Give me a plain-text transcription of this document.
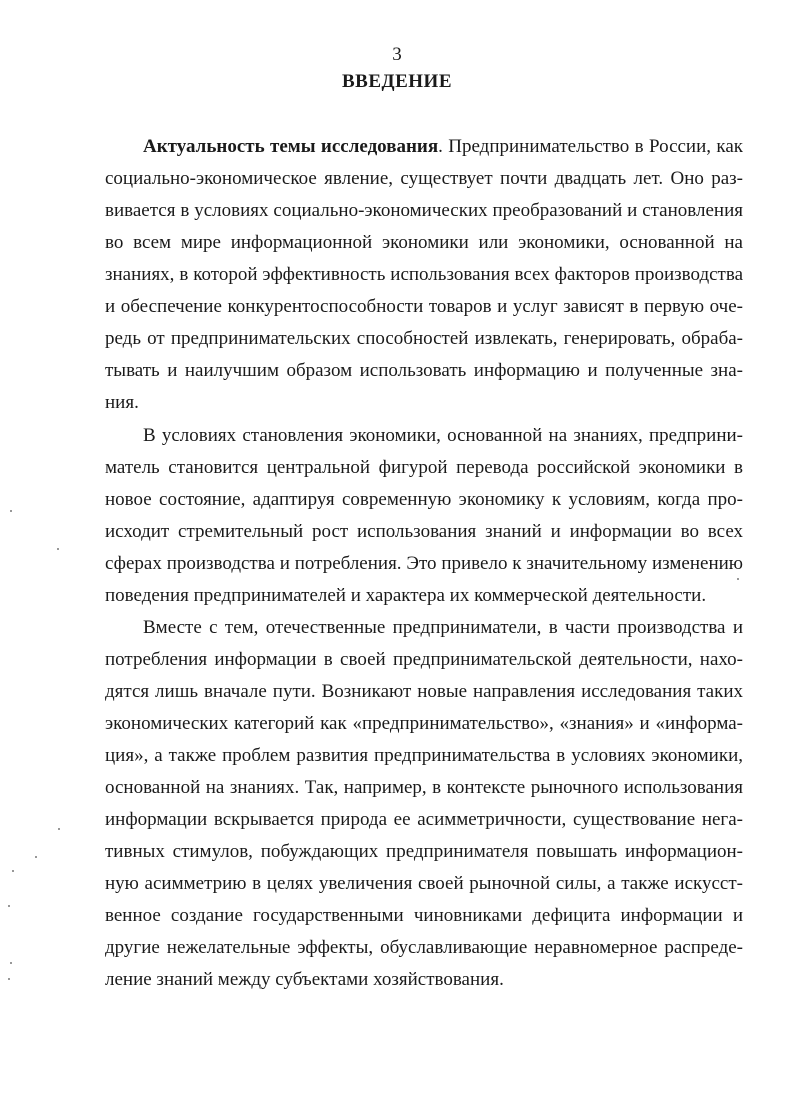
3
ВВЕДЕНИЕ
Актуальность темы исследования. Предпринимательство в России, как
социально-экономическое явление, существует почти двадцать лет. Оно раз-
вивается в условиях социально-экономических преобразований и становления
во всем мире информационной экономики или экономики, основанной на
знаниях, в которой эффективность использования всех факторов производства
и обеспечение конкурентоспособности товаров и услуг зависят в первую оче-
редь от предпринимательских способностей извлекать, генерировать, обраба-
тывать и наилучшим образом использовать информацию и полученные зна-
ния.
В условиях становления экономики, основанной на знаниях, предприни-
матель становится центральной фигурой перевода российской экономики в
новое состояние, адаптируя современную экономику к условиям, когда про-
исходит стремительный рост использования знаний и информации во всех
сферах производства и потребления. Это привело к значительному изменению
поведения предпринимателей и характера их коммерческой деятельности.
Вместе с тем, отечественные предприниматели, в части производства и
потребления информации в своей предпринимательской деятельности, нахо-
дятся лишь вначале пути. Возникают новые направления исследования таких
экономических категорий как «предпринимательство», «знания» и «информа-
ция», а также проблем развития предпринимательства в условиях экономики,
основанной на знаниях. Так, например, в контексте рыночного использования
информации вскрывается природа ее асимметричности, существование нега-
тивных стимулов, побуждающих предпринимателя повышать информацион-
ную асимметрию в целях увеличения своей рыночной силы, а также искусст-
венное создание государственными чиновниками дефицита информации и
другие нежелательные эффекты, обуславливающие неравномерное распреде-
ление знаний между субъектами хозяйствования.
